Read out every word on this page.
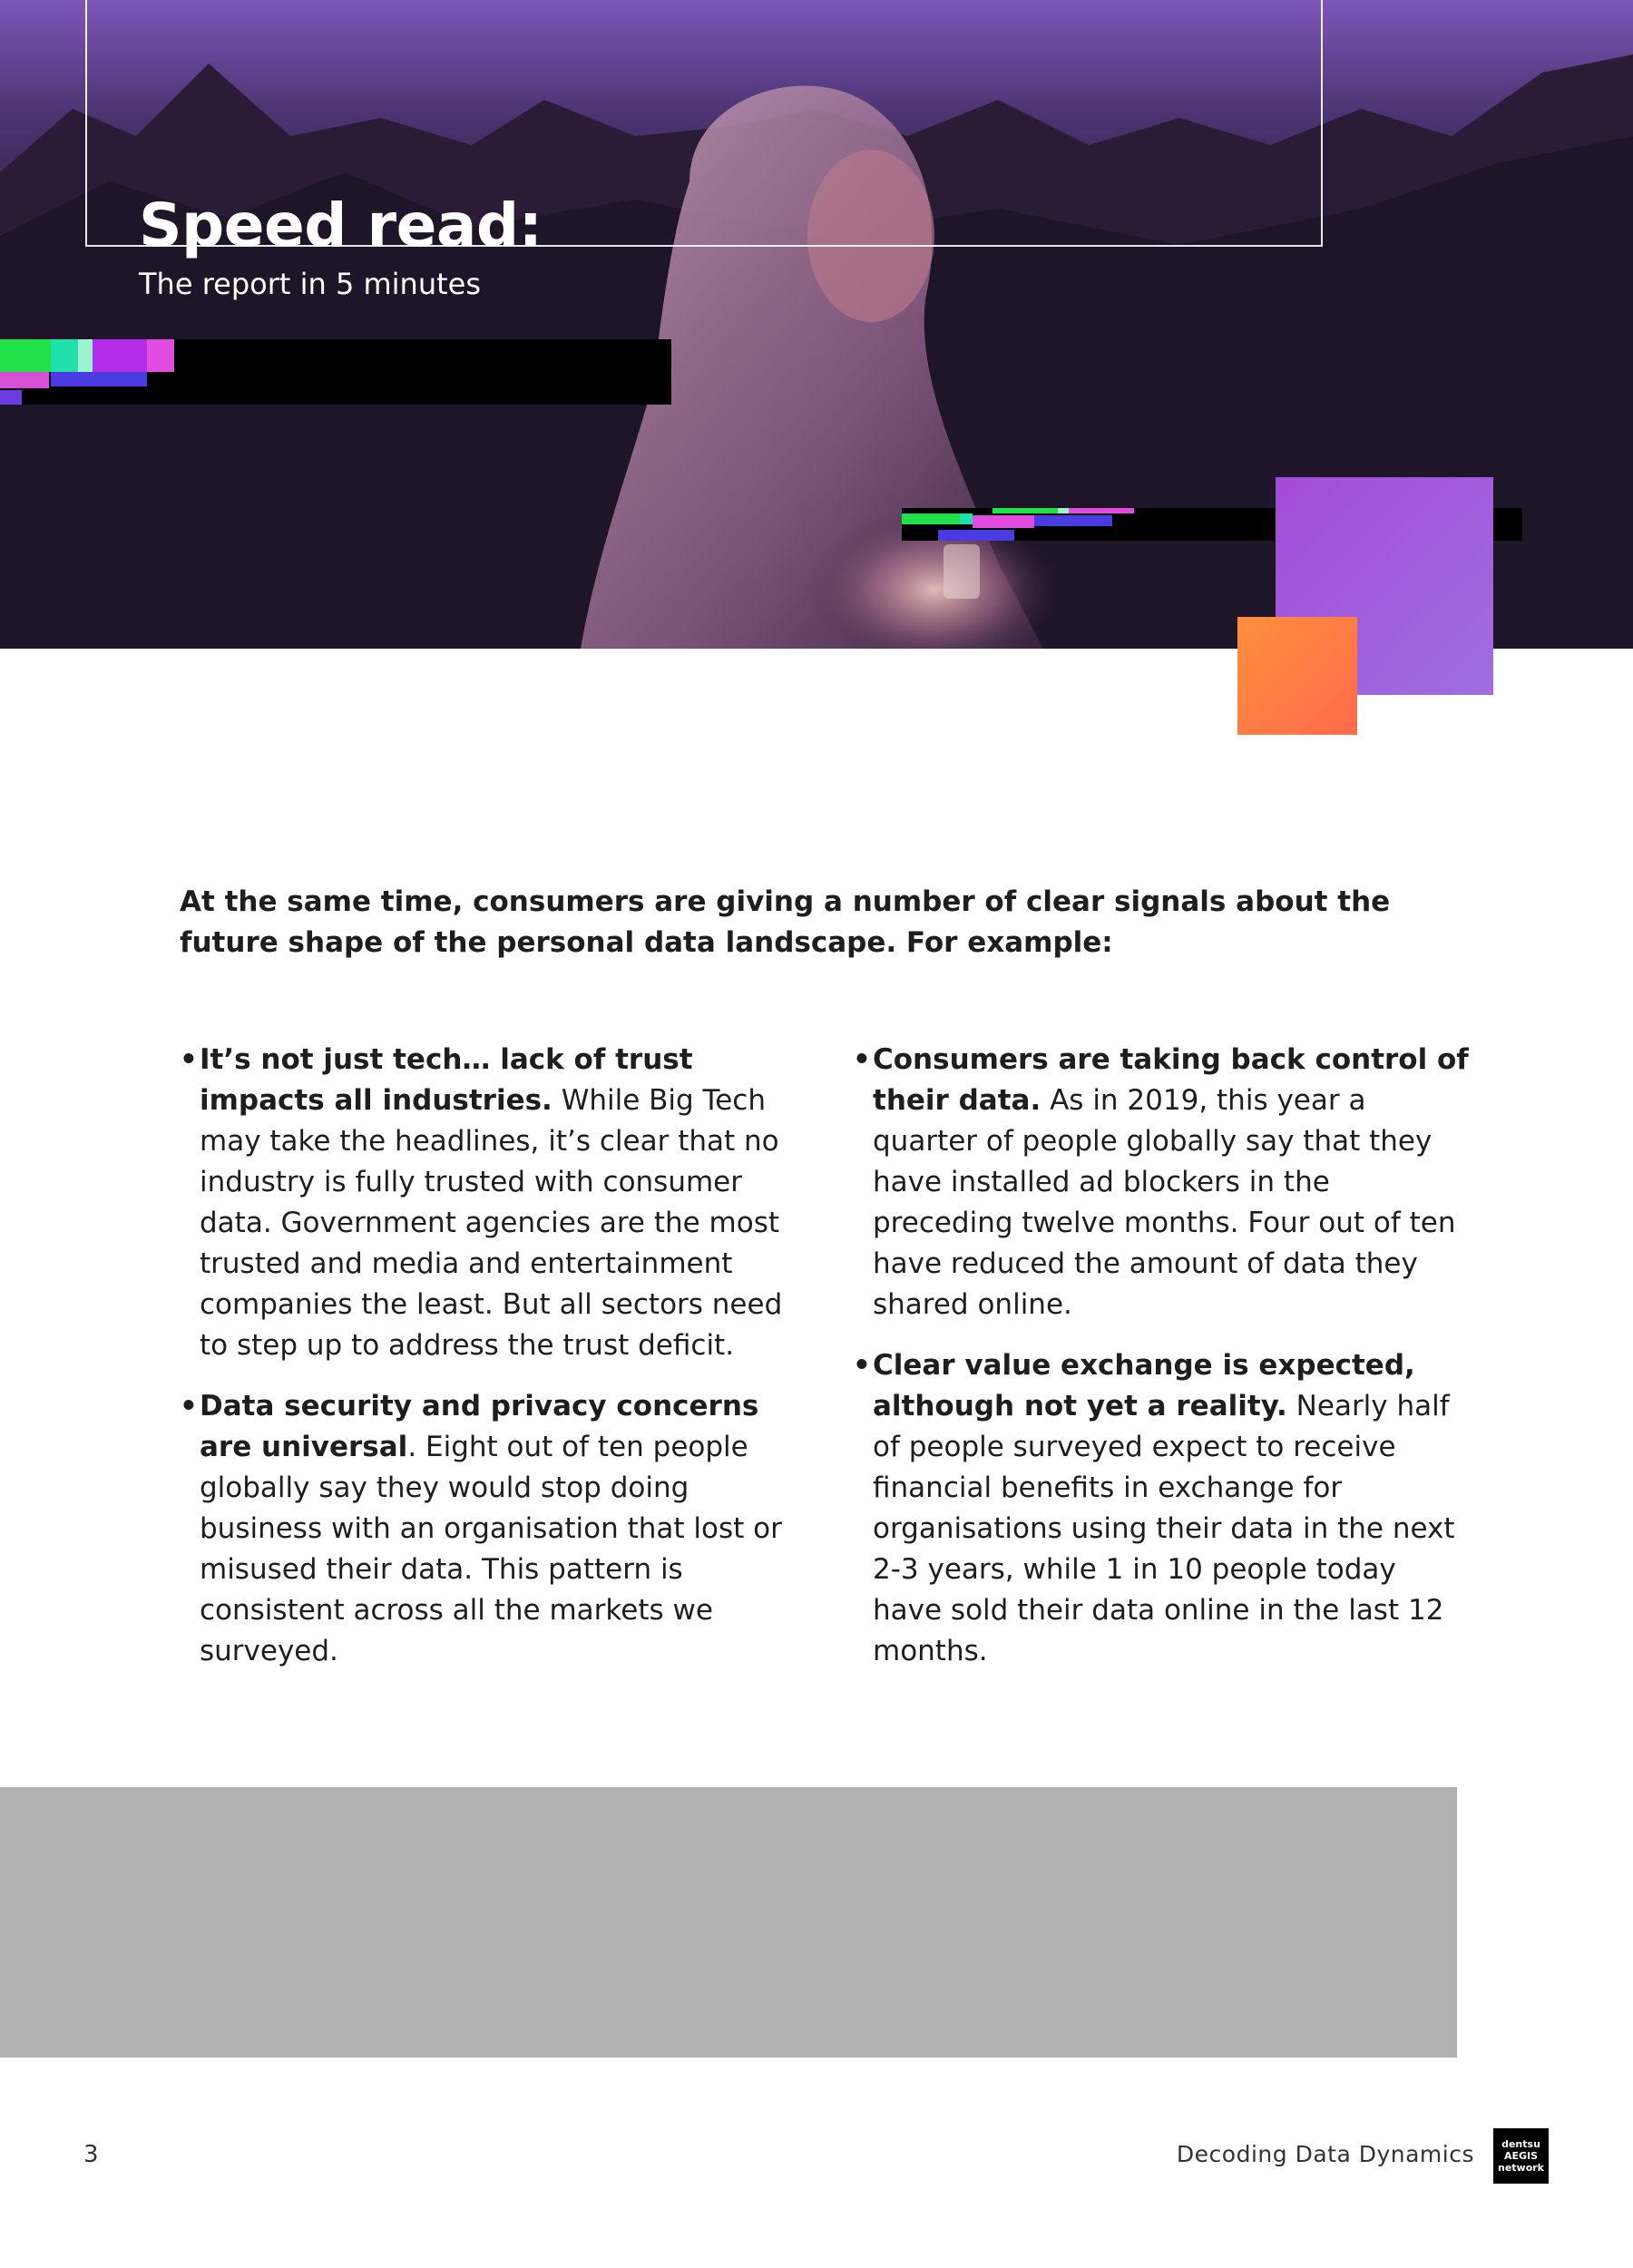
Speed read:
The report in 5 minutes
At the same time, consumers are giving a number of clear signals about the future shape of the personal data landscape. For example:
• It’s not just tech… lack of trust impacts all industries. While Big Tech may take the headlines, it’s clear that no industry is fully trusted with consumer data. Government agencies are the most trusted and media and entertainment companies the least. But all sectors need to step up to address the trust deficit.
• Data security and privacy concerns are universal. Eight out of ten people globally say they would stop doing business with an organisation that lost or misused their data. This pattern is consistent across all the markets we surveyed.
• Consumers are taking back control of their data. As in 2019, this year a quarter of people globally say that they have installed ad blockers in the preceding twelve months. Four out of ten have reduced the amount of data they shared online.
• Clear value exchange is expected, although not yet a reality. Nearly half of people surveyed expect to receive financial benefits in exchange for organisations using their data in the next 2-3 years, while 1 in 10 people today have sold their data online in the last 12 months.
3	Decoding Data Dynamics	dentsu
AEGIS
network
